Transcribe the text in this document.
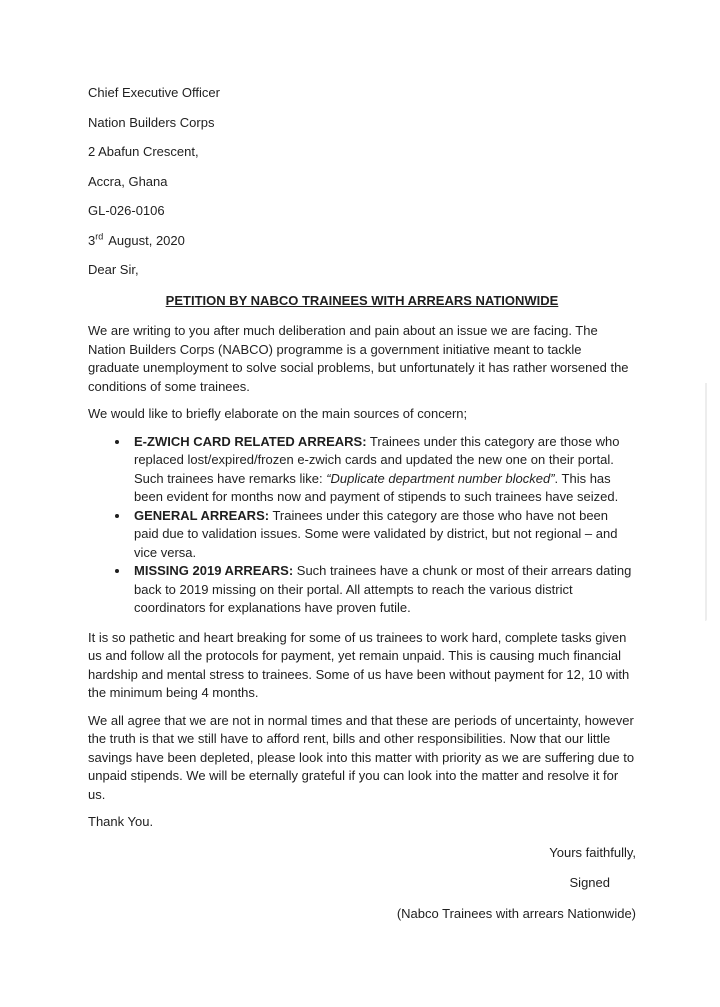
Chief Executive Officer
Nation Builders Corps
2 Abafun Crescent,
Accra, Ghana
GL-026-0106
3rd August, 2020
Dear Sir,
PETITION BY NABCO TRAINEES WITH ARREARS NATIONWIDE

We are writing to you after much deliberation and pain about an issue we are facing. The Nation Builders Corps (NABCO) programme is a government initiative meant to tackle graduate unemployment to solve social problems, but unfortunately it has rather worsened the conditions of some trainees.

We would like to briefly elaborate on the main sources of concern;

• E-ZWICH CARD RELATED ARREARS: Trainees under this category are those who replaced lost/expired/frozen e-zwich cards and updated the new one on their portal. Such trainees have remarks like: “Duplicate department number blocked”. This has been evident for months now and payment of stipends to such trainees have seized.
• GENERAL ARREARS: Trainees under this category are those who have not been paid due to validation issues. Some were validated by district, but not regional – and vice versa.
• MISSING 2019 ARREARS: Such trainees have a chunk or most of their arrears dating back to 2019 missing on their portal. All attempts to reach the various district coordinators for explanations have proven futile.

It is so pathetic and heart breaking for some of us trainees to work hard, complete tasks given us and follow all the protocols for payment, yet remain unpaid. This is causing much financial hardship and mental stress to trainees. Some of us have been without payment for 12, 10 with the minimum being 4 months.

We all agree that we are not in normal times and that these are periods of uncertainty, however the truth is that we still have to afford rent, bills and other responsibilities. Now that our little savings have been depleted, please look into this matter with priority as we are suffering due to unpaid stipends. We will be eternally grateful if you can look into the matter and resolve it for us.

Thank You.
Yours faithfully,
Signed
(Nabco Trainees with arrears Nationwide)
